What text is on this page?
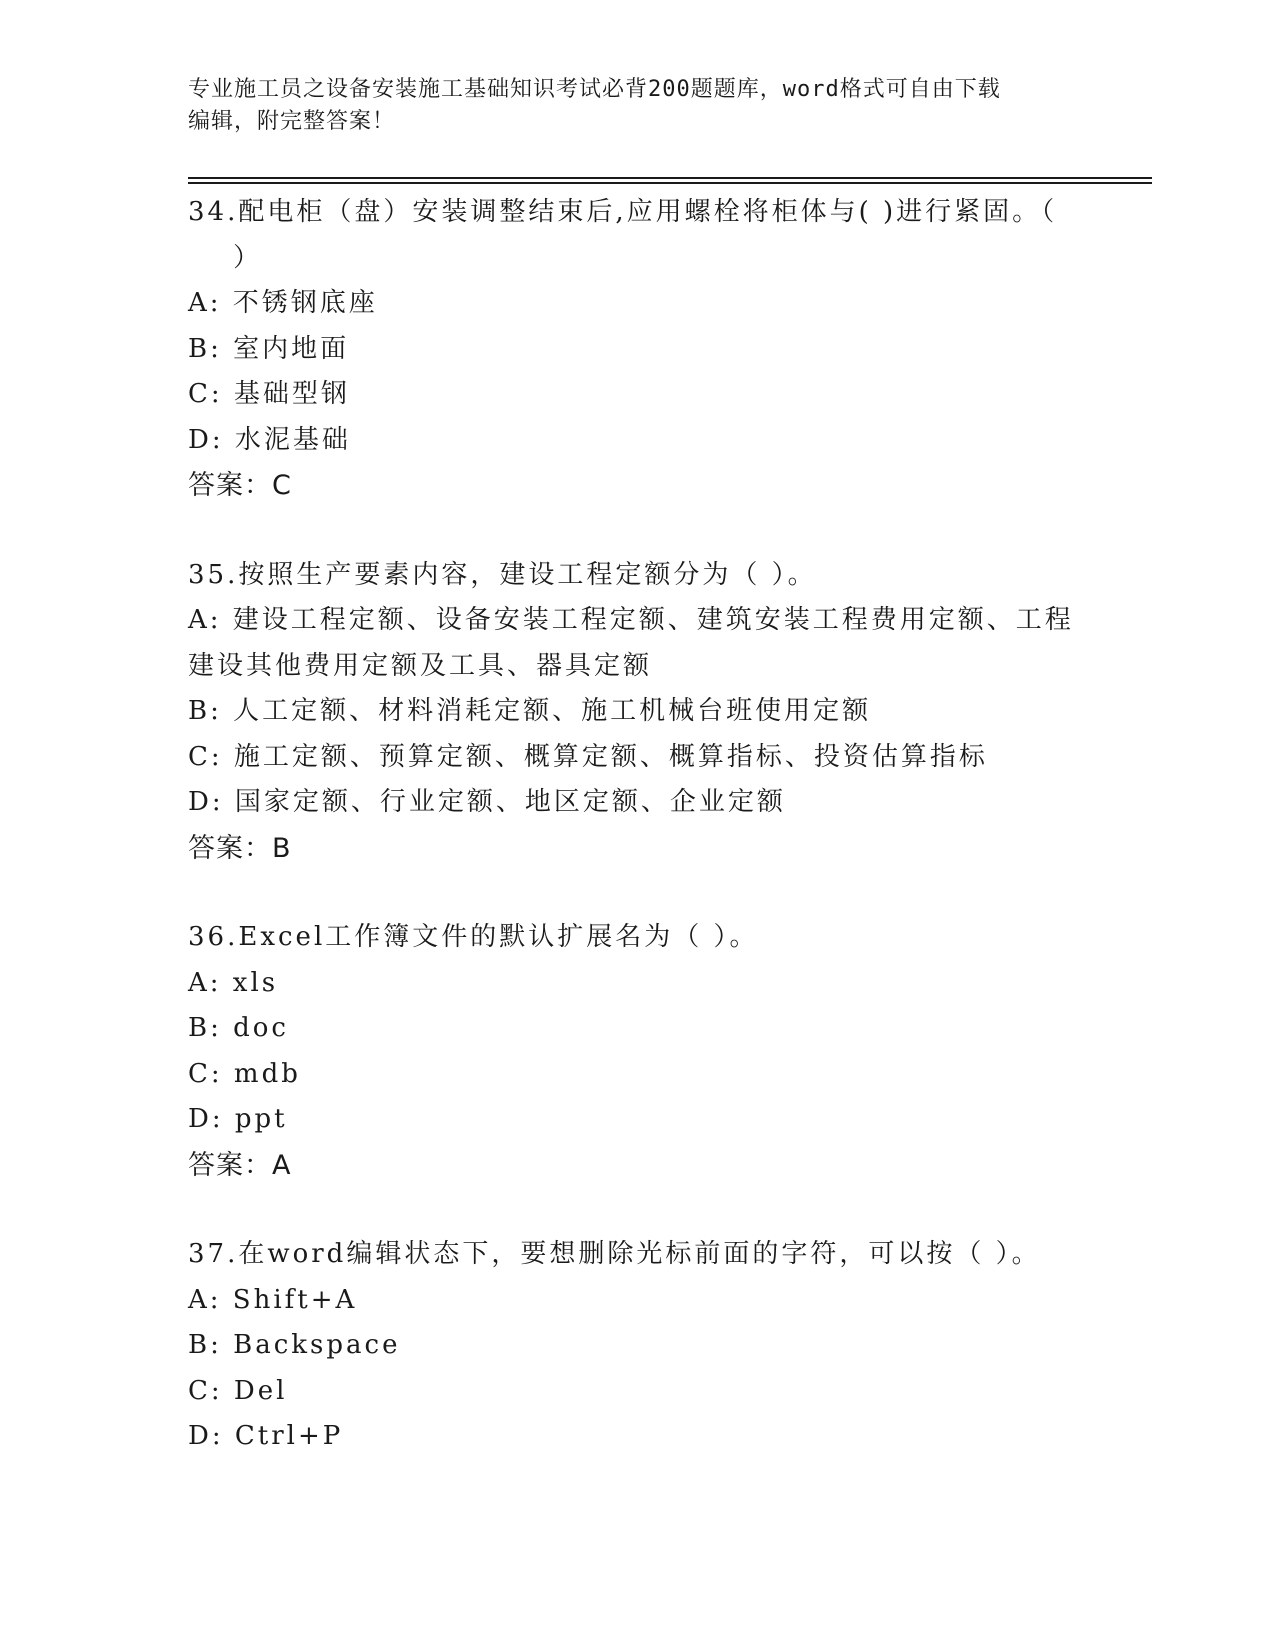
专业施工员之设备安装施工基础知识考试必背200题题库，word格式可自由下载
编辑，附完整答案！
34.配电柜（盘）安装调整结束后,应用螺栓将柜体与( )进行紧固。（
）
A: 不锈钢底座
B: 室内地面
C: 基础型钢
D: 水泥基础
答案：C
35.按照生产要素内容，建设工程定额分为（ ）。
A: 建设工程定额、设备安装工程定额、建筑安装工程费用定额、工程建设其他费用定额及工具、器具定额
B: 人工定额、材料消耗定额、施工机械台班使用定额
C: 施工定额、预算定额、概算定额、概算指标、投资估算指标
D: 国家定额、行业定额、地区定额、企业定额
答案：B
36.Excel工作簿文件的默认扩展名为（ ）。
A: xls
B: doc
C: mdb
D: ppt
答案：A
37.在word编辑状态下，要想删除光标前面的字符，可以按（ ）。
A: Shift+A
B: Backspace
C: Del
D: Ctrl+P
